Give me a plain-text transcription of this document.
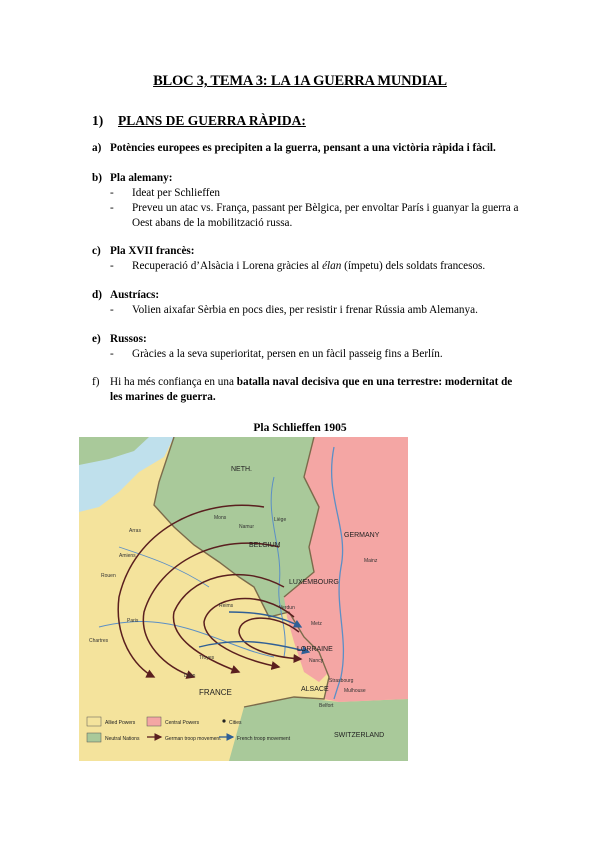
BLOC 3, TEMA 3: LA 1A GUERRA MUNDIAL
1) PLANS DE GUERRA RÀPIDA:
a) Potències europees es precipiten a la guerra, pensant a una victòria ràpida i fàcil.
b) Pla alemany:
- Ideat per Schlieffen
- Preveu un atac vs. França, passant per Bèlgica, per envoltar París i guanyar la guerra a Oest abans de la mobilització russa.
c) Pla XVII francès:
- Recuperació d’Alsàcia i Lorena gràcies al élan (ímpetu) dels soldats francesos.
d) Austríacs:
- Volien aixafar Sèrbia en pocs dies, per resistir i frenar Rússia amb Alemanya.
e) Russos:
- Gràcies a la seva superioritat, persen en un fàcil passeig fins a Berlín.
f) Hi ha més confiança en una batalla naval decisiva que en una terrestre: modernitat de les marines de guerra.
Pla Schlieffen 1905
NETH.
BELGIUM
LUXEMBOURG
GERMANY
LORRAINE
ALSACE
FRANCE
SWITZERLAND
Paris
Liège
Mons
Namur
Metz
Verdun
Nancy
Amiens
Rouen
Arras
Reims
Chartres
Troyes
Dijon
Belfort
Mainz
Strasbourg
Mulhouse
Allied Powers
Neutral Nations
Central Powers
German troop movement
Cities
French troop movement
